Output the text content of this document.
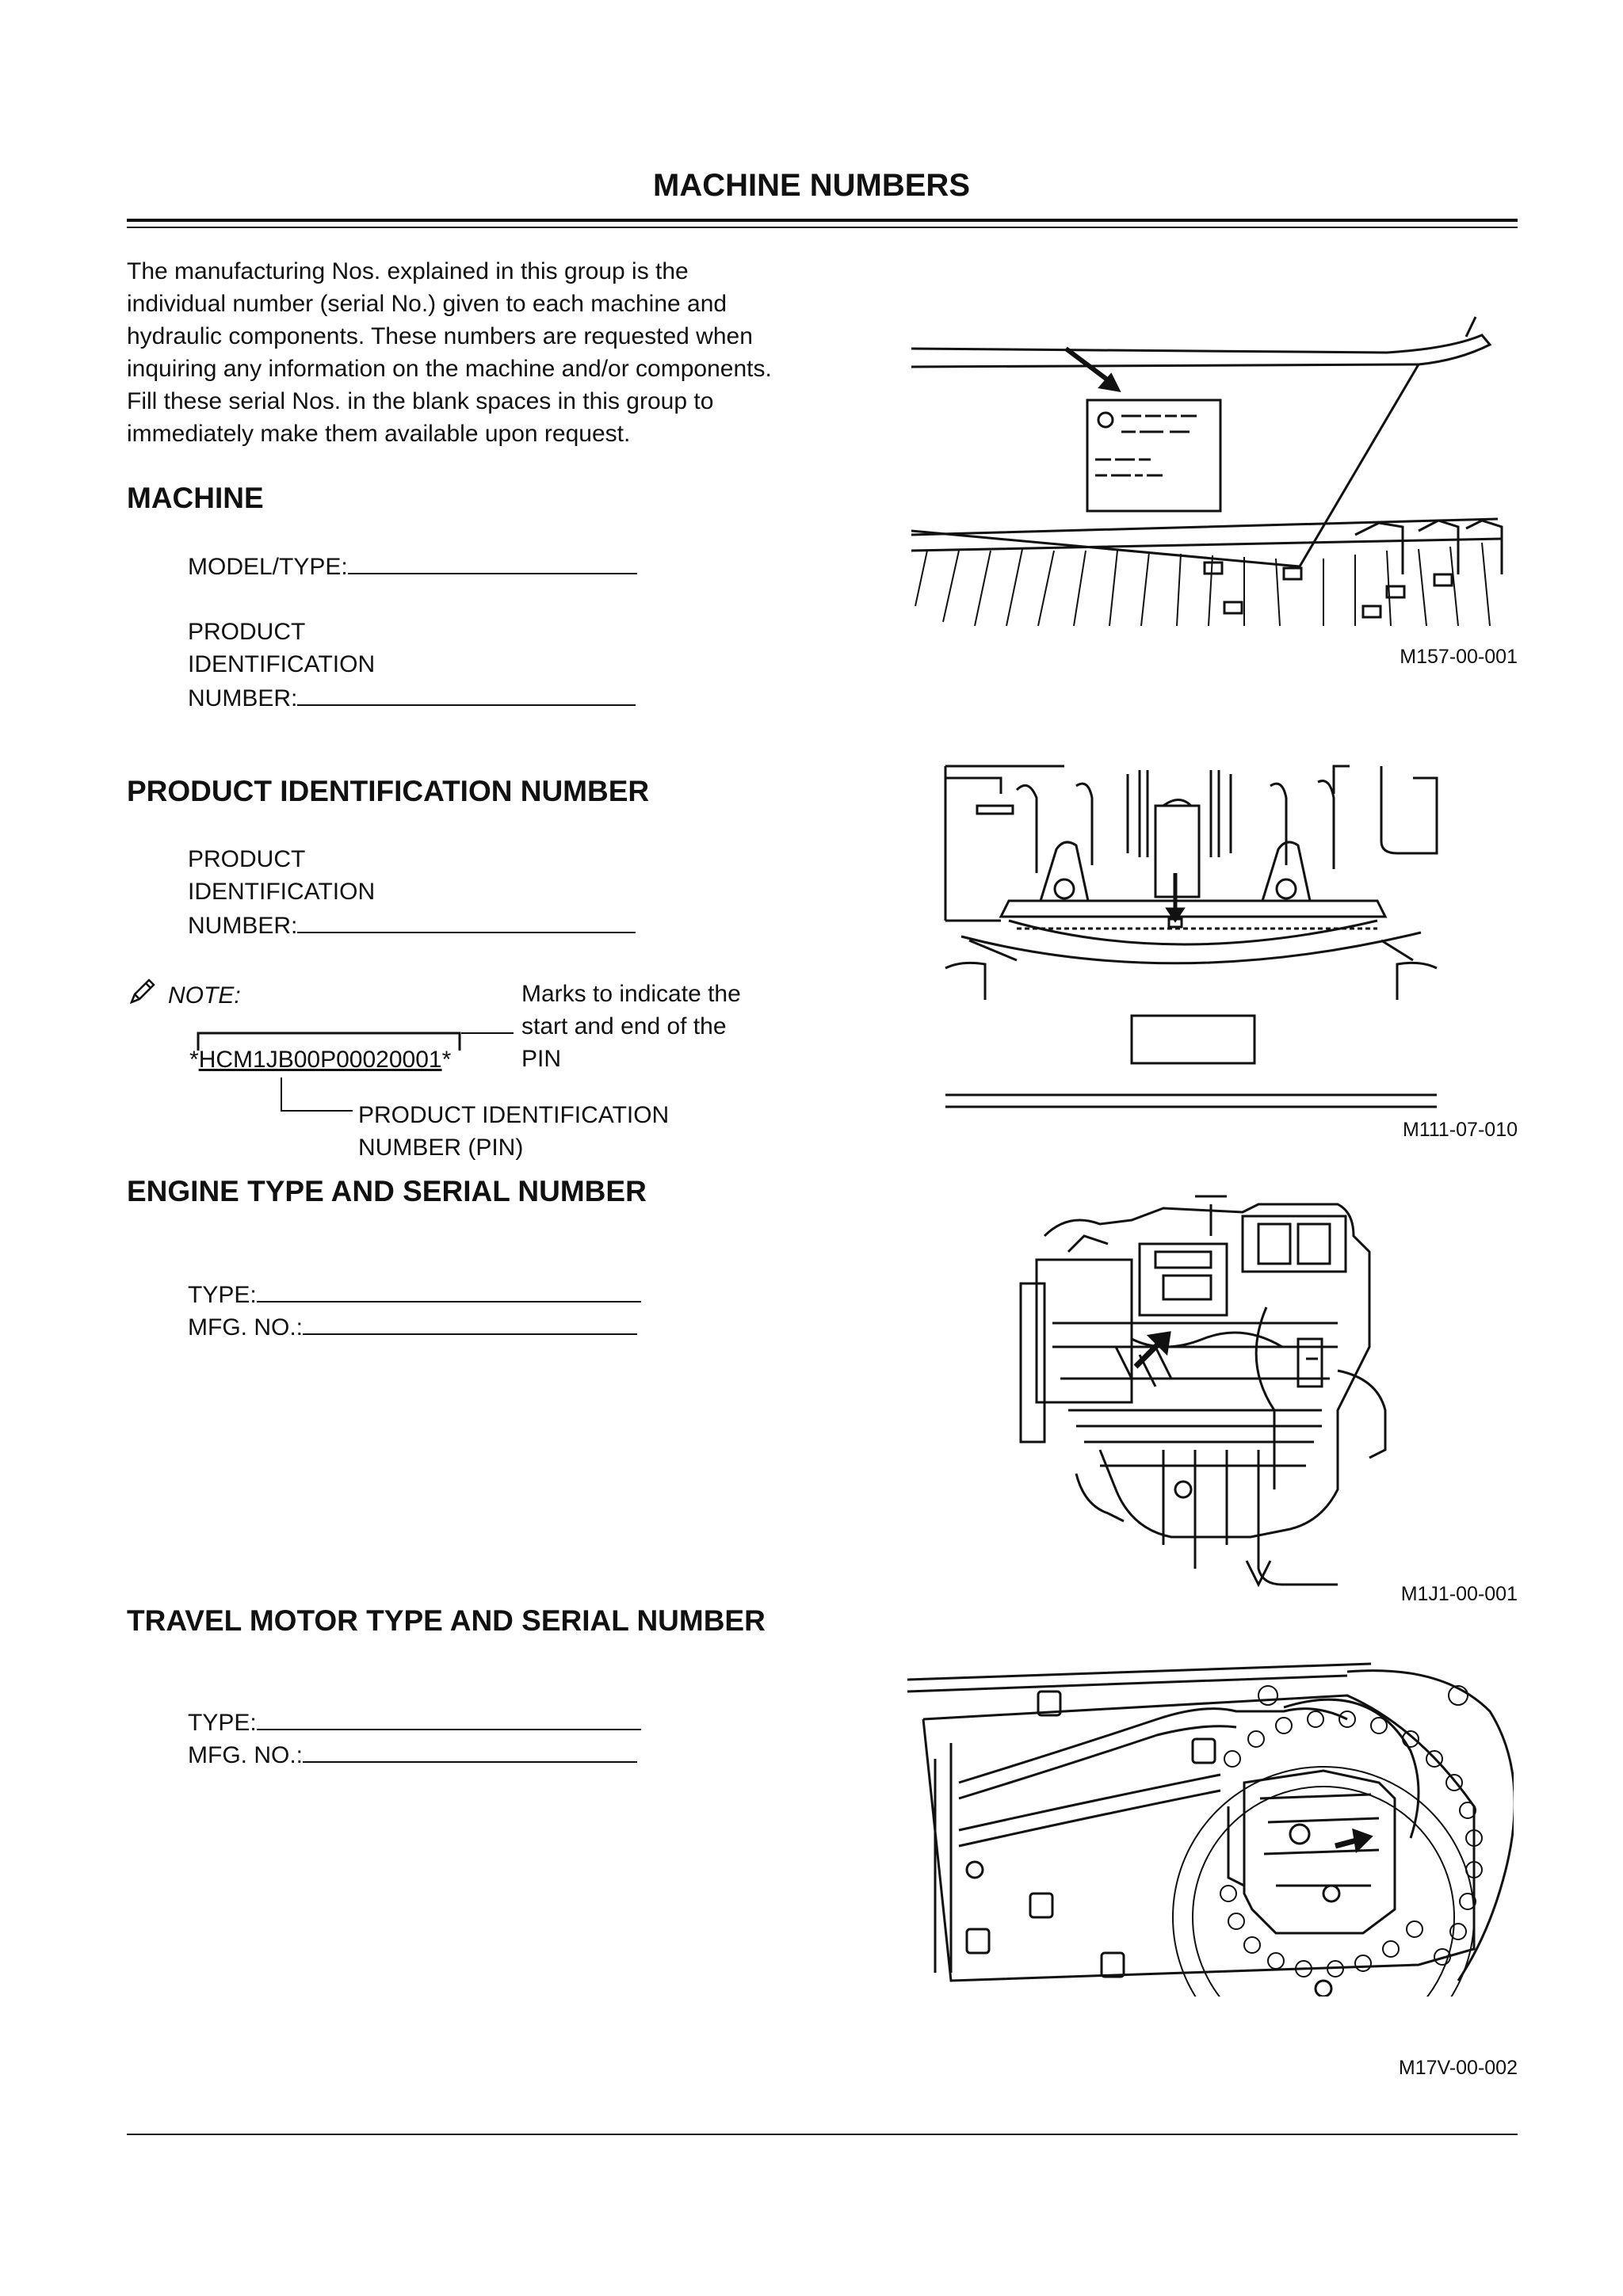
MACHINE NUMBERS
The manufacturing Nos. explained in this group is the
individual number (serial No.) given to each machine and
hydraulic components. These numbers are requested when
inquiring any information on the machine and/or components.
Fill these serial Nos. in the blank spaces in this group to
immediately make them available upon request.
MACHINE
MODEL/TYPE:
PRODUCT
IDENTIFICATION
NUMBER:
M157-00-001
PRODUCT IDENTIFICATION NUMBER
PRODUCT
IDENTIFICATION
NUMBER:
NOTE:
*HCM1JB00P00020001*
Marks to indicate the
start and end of the
PIN
PRODUCT IDENTIFICATION
NUMBER (PIN)
M111-07-010
ENGINE TYPE AND SERIAL NUMBER
TYPE:
MFG. NO.:
M1J1-00-001
TRAVEL MOTOR TYPE AND SERIAL NUMBER
TYPE:
MFG. NO.:
M17V-00-002
